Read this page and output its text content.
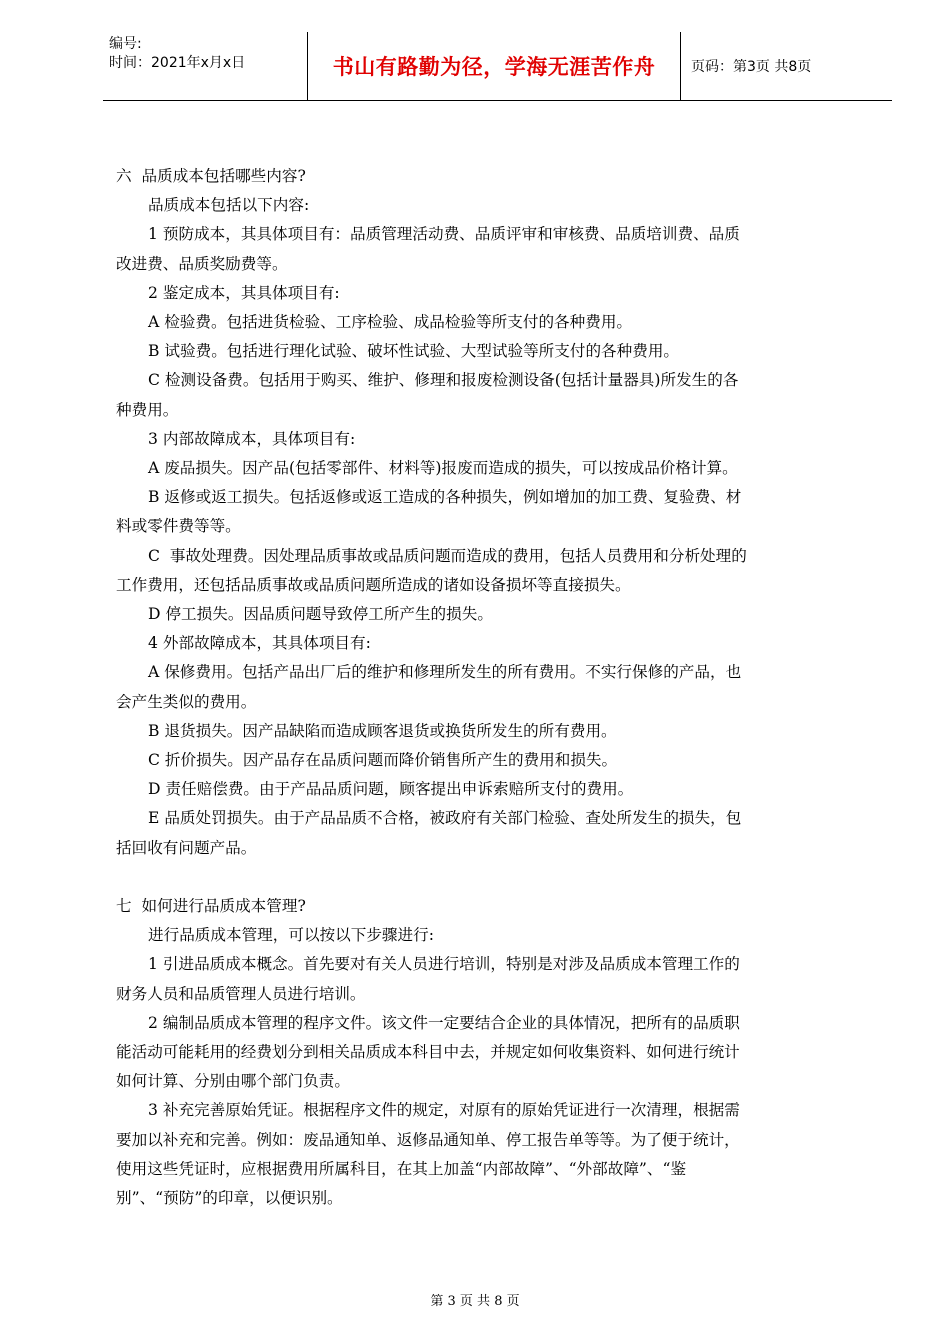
编号:
时间：2021年x月x日	书山有路勤为径，学海无涯苦作舟	页码：第3页 共8页

六  品质成本包括哪些内容?

品质成本包括以下内容:

1 预防成本，其具体项目有：品质管理活动费、品质评审和审核费、品质培训费、品质

改进费、品质奖励费等。

2 鉴定成本，其具体项目有:

A 检验费。包括进货检验、工序检验、成品检验等所支付的各种费用。

B 试验费。包括进行理化试验、破坏性试验、大型试验等所支付的各种费用。

C 检测设备费。包括用于购买、维护、修理和报废检测设备(包括计量器具)所发生的各

种费用。

3 内部故障成本，具体项目有:

A 废品损失。因产品(包括零部件、材料等)报废而造成的损失，可以按成品价格计算。

B 返修或返工损失。包括返修或返工造成的各种损失，例如增加的加工费、复验费、材

料或零件费等等。

C  事故处理费。因处理品质事故或品质问题而造成的费用，包括人员费用和分析处理的

工作费用，还包括品质事故或品质问题所造成的诸如设备损坏等直接损失。

D 停工损失。因品质问题导致停工所产生的损失。

4 外部故障成本，其具体项目有:

A 保修费用。包括产品出厂后的维护和修理所发生的所有费用。不实行保修的产品，也

会产生类似的费用。

B 退货损失。因产品缺陷而造成顾客退货或换货所发生的所有费用。

C 折价损失。因产品存在品质问题而降价销售所产生的费用和损失。

D 责任赔偿费。由于产品品质问题，顾客提出申诉索赔所支付的费用。

E 品质处罚损失。由于产品品质不合格，被政府有关部门检验、查处所发生的损失，包

括回收有问题产品。

七  如何进行品质成本管理?

进行品质成本管理，可以按以下步骤进行:

1 引进品质成本概念。首先要对有关人员进行培训，特别是对涉及品质成本管理工作的

财务人员和品质管理人员进行培训。

2 编制品质成本管理的程序文件。该文件一定要结合企业的具体情况，把所有的品质职

能活动可能耗用的经费划分到相关品质成本科目中去，并规定如何收集资料、如何进行统计

如何计算、分别由哪个部门负责。

3 补充完善原始凭证。根据程序文件的规定，对原有的原始凭证进行一次清理，根据需

要加以补充和完善。例如：废品通知单、返修品通知单、停工报告单等等。为了便于统计，

使用这些凭证时，应根据费用所属科目，在其上加盖“内部故障”、“外部故障”、“鉴

别”、“预防”的印章，以便识别。

第 3 页 共 8 页
